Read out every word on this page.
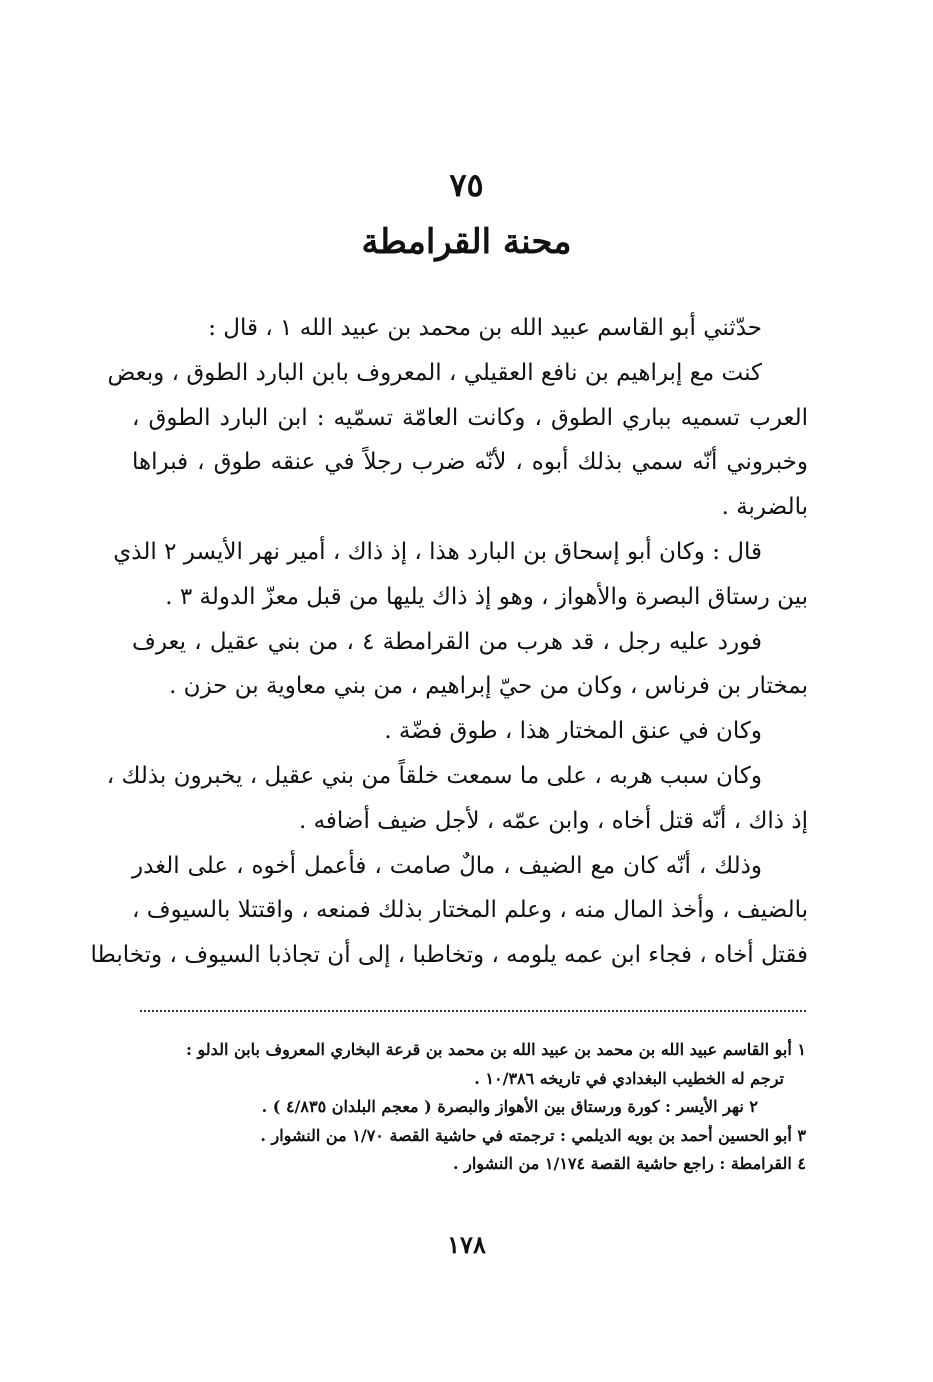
٧٥
محنة القرامطة
حدّثني أبو القاسم عبيد الله بن محمد بن عبيد الله ١ ، قال :
كنت مع إبراهيم بن نافع العقيلي ، المعروف بابن البارد الطوق ، وبعض
العرب تسميه بباري الطوق ، وكانت العامّة تسمّيه : ابن البارد الطوق ،
وخبروني أنّه سمي بذلك أبوه ، لأنّه ضرب رجلاً في عنقه طوق ، فبراها
بالضربة .
قال : وكان أبو إسحاق بن البارد هذا ، إذ ذاك ، أمير نهر الأيسر ٢ الذي
بين رستاق البصرة والأهواز ، وهو إذ ذاك يليها من قبل معزّ الدولة ٣ .
فورد عليه رجل ، قد هرب من القرامطة ٤ ، من بني عقيل ، يعرف
بمختار بن فرناس ، وكان من حيّ إبراهيم ، من بني معاوية بن حزن .
وكان في عنق المختار هذا ، طوق فضّة .
وكان سبب هربه ، على ما سمعت خلقاً من بني عقيل ، يخبرون بذلك ،
إذ ذاك ، أنّه قتل أخاه ، وابن عمّه ، لأجل ضيف أضافه .
وذلك ، أنّه كان مع الضيف ، مالٌ صامت ، فأعمل أخوه ، على الغدر
بالضيف ، وأخذ المال منه ، وعلم المختار بذلك فمنعه ، واقتتلا بالسيوف ،
فقتل أخاه ، فجاء ابن عمه يلومه ، وتخاطبا ، إلى أن تجاذبا السيوف ، وتخابطا
١ أبو القاسم عبيد الله بن محمد بن عبيد الله بن محمد بن قرعة البخاري المعروف بابن الدلو :
ترجم له الخطيب البغدادي في تاريخه ١٠/٣٨٦ .
٢ نهر الأيسر : كورة ورستاق بين الأهواز والبصرة ( معجم البلدان ٤/٨٣٥ ) .
٣ أبو الحسين أحمد بن بويه الديلمي : ترجمته في حاشية القصة ١/٧٠ من النشوار .
٤ القرامطة : راجع حاشية القصة ١/١٧٤ من النشوار .
١٧٨
